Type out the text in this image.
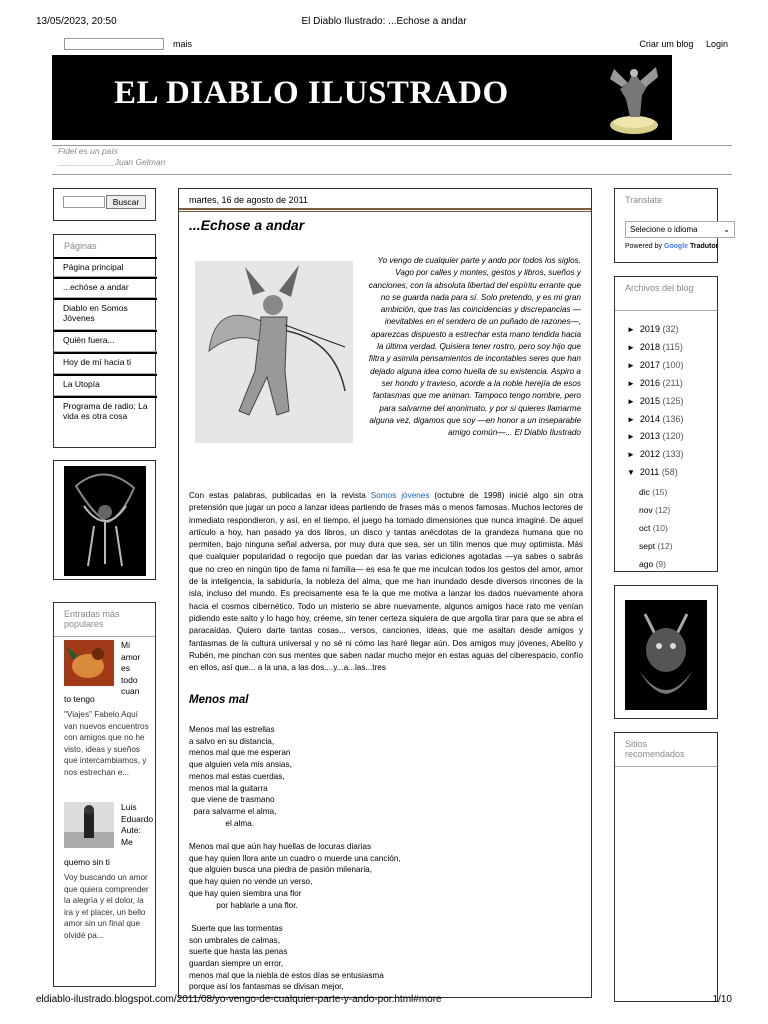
13/05/2023, 20:50	El Diablo Ilustrado: ...Echose a andar
mais	Criar um blog Login
EL DIABLO ILUSTRADO
Fidel es un país
____________Juan Gelman
Buscar
Páginas
Página principal
...echóse a andar
Diablo en Somos Jóvenes
Quién fuera...
Hoy de mí hacia ti
La Utopía
Programa de radio: La vida es otra cosa
Entradas más populares
Mi amor es todo cuan
to tengo
"Viajes" Fabelo Aquí van nuevos encuentros con amigos que no he visto, ideas y sueños que intercambiamos, y nos estrechan e...
Luis Eduardo Aute: Me
quemo sin ti
Voy buscando un amor que quiera comprender la alegría y el dolor, la ira y el placer, un bello amor sin un final que olvidé pa...
martes, 16 de agosto de 2011
...Echose a andar
Yo vengo de cualquier parte y ando por todos los siglos. Vago por calles y montes, gestos y libros, sueños y canciones, con la absoluta libertad del espíritu errante que no se guarda nada para sí. Solo pretendo, y es mi gran ambición, que tras las coincidencias y discrepancias —inevitables en el sendero de un puñado de razones—, aparezcas dispuesto a estrechar esta mano tendida hacia la última verdad. Quisiera tener rostro, pero soy hijo que filtra y asimila pensamientos de incontables seres que han dejado alguna idea como huella de su existencia. Aspiro a ser hondo y travieso, acorde a la noble herejía de esos fantasmas que me animan. Tampoco tengo nombre, pero para salvarme del anonimato, y por si quieres llamarme alguna vez, digamos que soy —en honor a un inseparable amigo común—... El Diablo Ilustrado
Con estas palabras, publicadas en la revista Somos jóvenes (octubre de 1998) inicié algo sin otra pretensión que jugar un poco a lanzar ideas partiendo de frases más o menos famosas. Muchos lectores de inmediato respondieron, y así, en el tiempo, el juego ha tomado dimensiones que nunca imaginé. De aquel artículo a hoy, han pasado ya dos libros, un disco y tantas anécdotas de la grandeza humana que no permiten, bajo ninguna señal adversa, por muy dura que sea, ser un tilín menos que muy optimista. Más que cualquier popularidad o regocijo que puedan dar las varias ediciones agotadas —ya sabes o sabrás que no creo en ningún tipo de fama ni familia— es esa fe que me inculcan todos los gestos del amor, amor de la inteligencia, la sabiduría, la nobleza del alma, que me han inundado desde diversos rincones de la isla, incluso del mundo. Es precisamente esa fe la que me motiva a lanzar los dados nuevamente ahora hacia el cosmos cibernético. Todo un misterio se abre nuevamente, algunos amigos hace rato me venían pidiendo este salto y lo hago hoy, créeme, sin tener certeza siquiera de que argolla tirar para que se abra el paracaídas. Quiero darte tantas cosas... versos, canciones, ideas, que me asaltan desde amigos y fantasmas de la cultura universal y no sé ni cómo las haré llegar aún. Dos amigos muy jóvenes, Abelito y Rubén, me pinchan con sus mentes que saben nadar mucho mejor en estas aguas del ciberespacio, confío en ellos, así que... a la una, a las dos....y...a...las...tres
Menos mal
Menos mal las estrellas
a salvo en su distancia,
menos mal que me esperan
que alguien vela mis ansias,
menos mal estas cuerdas,
menos mal la guitarra
que viene de trasmano
para salvarme el alma,
el alma.
Menos mal que aún hay huellas de locuras diarias
que hay quien llora ante un cuadro o muerde una canción,
que alguien busca una piedra de pasión milenaria,
que hay quien no vende un verso,
que hay quien siembra una flor
por hablarle a una flor.
Suerte que las tormentas
son umbrales de calmas,
suerte que hasta las penas
guardan siempre un error,
menos mal que la niebla de estos días se entusiasma
porque así los fantasmas se divisan mejor,
Translate
Selecione o idioma	⌄
Powered by Google Tradutor
Archivos del blog
► 2019 (32)
► 2018 (115)
► 2017 (100)
► 2016 (211)
► 2015 (125)
► 2014 (136)
► 2013 (120)
► 2012 (133)
▼ 2011 (58)
dic (15)
nov (12)
oct (10)
sept (12)
ago (9)
Sitios recomendados
eldiablo-ilustrado.blogspot.com/2011/08/yo-vengo-de-cualquier-parte-y-ando-por.html#more	1/10
